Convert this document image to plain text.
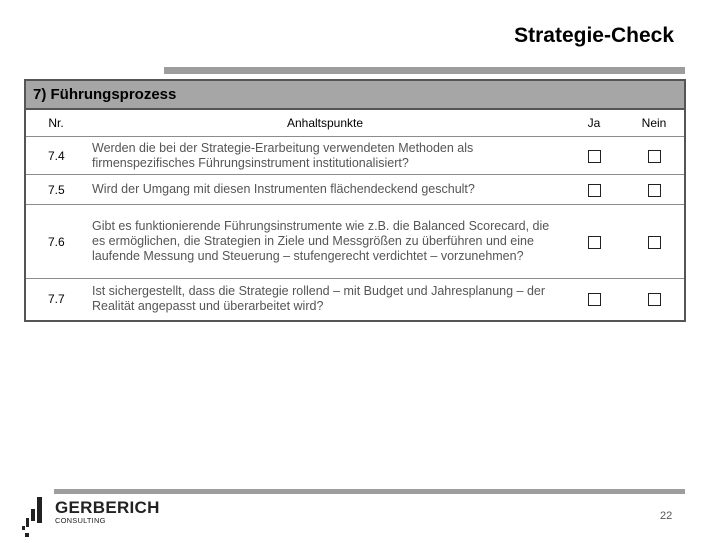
Strategie-Check
7) Führungsprozess
Nr.	Anhaltspunkte	Ja	Nein
7.4	Werden die bei der Strategie-Erarbeitung verwendeten Methoden als firmenspezifisches Führungsinstrument institutionalisiert?		
7.5	Wird der Umgang mit diesen Instrumenten flächendeckend geschult?		
7.6	Gibt es funktionierende Führungsinstrumente wie z.B. die Balanced Scorecard, die es ermöglichen, die Strategien in Ziele und Messgrößen zu überführen und eine laufende Messung und Steuerung – stufengerecht verdichtet – vorzunehmen?		
7.7	Ist sichergestellt, dass die Strategie rollend – mit Budget und Jahresplanung – der Realität angepasst und überarbeitet wird?		
GERBERICH
CONSULTING	22
